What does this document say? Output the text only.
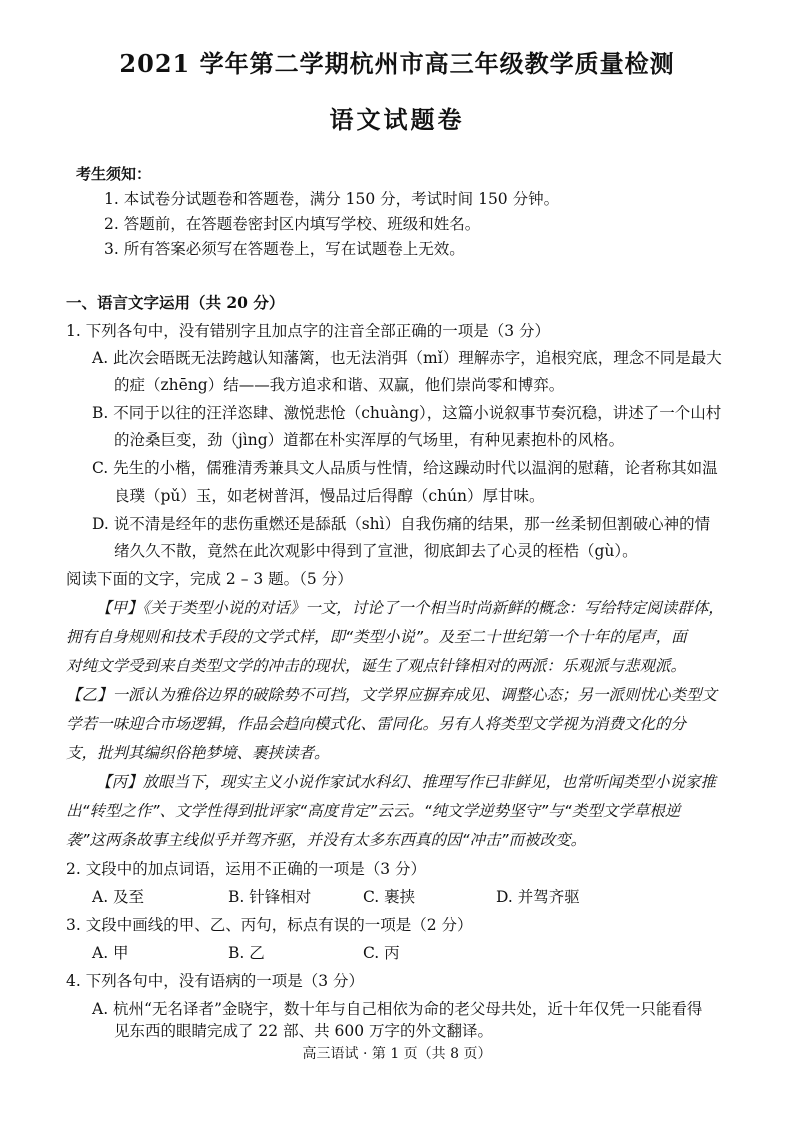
2021 学年第二学期杭州市高三年级教学质量检测
语文试题卷
考生须知：
1. 本试卷分试题卷和答题卷，满分 150 分，考试时间 150 分钟。
2. 答题前，在答题卷密封区内填写学校、班级和姓名。
3. 所有答案必须写在答题卷上，写在试题卷上无效。
一、语言文字运用（共 20 分）
1. 下列各句中，没有错别字且加点字的注音全部正确的一项是（3 分）
A. 此次会晤既无法跨越认知藩篱，也无法消弭（mǐ）理解赤字，追根究底，理念不同是最大
的症（zhēng）结——我方追求和谐、双赢，他们崇尚零和博弈。
B. 不同于以往的汪洋恣肆、激悦悲怆（chuàng），这篇小说叙事节奏沉稳，讲述了一个山村
的沧桑巨变，劲（jìng）道都在朴实浑厚的气场里，有种见素抱朴的风格。
C. 先生的小楷，儒雅清秀兼具文人品质与性情，给这躁动时代以温润的慰藉，论者称其如温
良璞（pǔ）玉，如老树普洱，慢品过后得醇（chún）厚甘味。
D. 说不清是经年的悲伤重燃还是舔舐（shì）自我伤痛的结果，那一丝柔韧但割破心神的情
绪久久不散，竟然在此次观影中得到了宣泄，彻底卸去了心灵的桎梏（gù）。
阅读下面的文字，完成 2 – 3 题。（5 分）
【甲】《关于类型小说的对话》一文，讨论了一个相当时尚新鲜的概念：写给特定阅读群体，
拥有自身规则和技术手段的文学式样，即“类型小说”。及至二十世纪第一个十年的尾声，面
对纯文学受到来自类型文学的冲击的现状，诞生了观点针锋相对的两派：乐观派与悲观派。
【乙】一派认为雅俗边界的破除势不可挡，文学界应摒弃成见、调整心态；另一派则忧心类型文
学若一味迎合市场逻辑，作品会趋向模式化、雷同化。另有人将类型文学视为消费文化的分
支，批判其编织俗艳梦境、裹挟读者。
【丙】放眼当下，现实主义小说作家试水科幻、推理写作已非鲜见，也常听闻类型小说家推
出“转型之作”、文学性得到批评家“高度肯定”云云。“纯文学逆势坚守”与“类型文学草根逆
袭”这两条故事主线似乎并驾齐驱，并没有太多东西真的因“冲击”而被改变。
2. 文段中的加点词语，运用不正确的一项是（3 分）
A. 及至	B. 针锋相对	C. 裹挟	D. 并驾齐驱
3. 文段中画线的甲、乙、丙句，标点有误的一项是（2 分）
A. 甲	B. 乙	C. 丙
4. 下列各句中，没有语病的一项是（3 分）
A. 杭州“无名译者”金晓宇，数十年与自己相依为命的老父母共处，近十年仅凭一只能看得
见东西的眼睛完成了 22 部、共 600 万字的外文翻译。
高三语试 · 第 1 页（共 8 页）
